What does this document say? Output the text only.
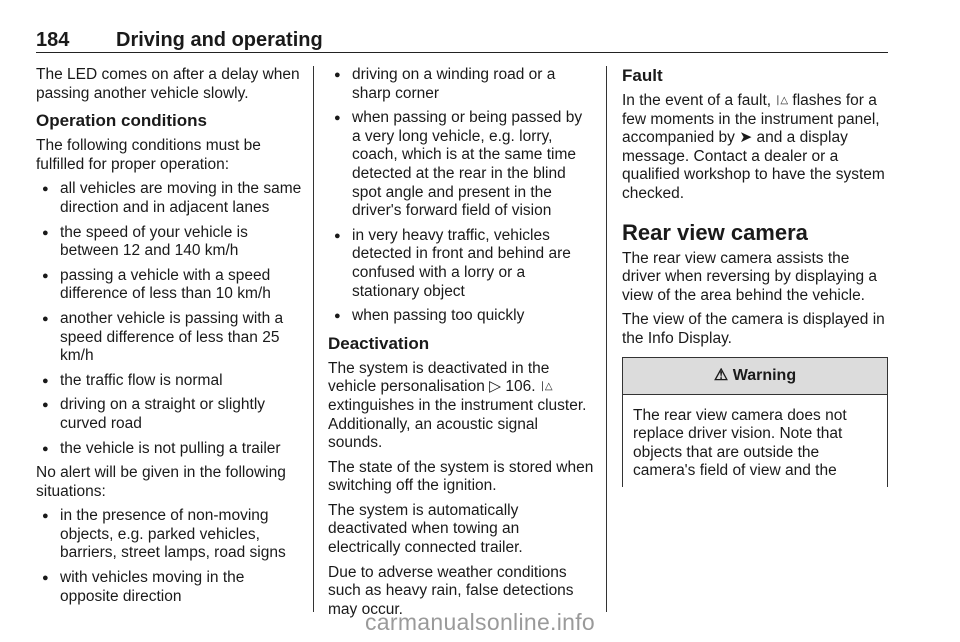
184 Driving and operating

The LED comes on after a delay when passing another vehicle slowly.

Operation conditions

The following conditions must be fulfilled for proper operation:

● all vehicles are moving in the same direction and in adjacent lanes
● the speed of your vehicle is between 12 and 140 km/h
● passing a vehicle with a speed difference of less than 10 km/h
● another vehicle is passing with a speed difference of less than 25 km/h
● the traffic flow is normal
● driving on a straight or slightly curved road
● the vehicle is not pulling a trailer

No alert will be given in the following situations:

● in the presence of non-moving objects, e.g. parked vehicles, barriers, street lamps, road signs
● with vehicles moving in the opposite direction
● driving on a winding road or a sharp corner
● when passing or being passed by a very long vehicle, e.g. lorry, coach, which is at the same time detected at the rear in the blind spot angle and present in the driver's forward field of vision
● in very heavy traffic, vehicles detected in front and behind are confused with a lorry or a stationary object
● when passing too quickly
Deactivation

The system is deactivated in the vehicle personalisation ▷ 106. ∣△ extinguishes in the instrument cluster. Additionally, an acoustic signal sounds.

The state of the system is stored when switching off the ignition.

The system is automatically deactivated when towing an electrically connected trailer.

Due to adverse weather conditions such as heavy rain, false detections may occur.

Fault

In the event of a fault, ∣△ flashes for a few moments in the instrument panel, accompanied by ➤ and a display message. Contact a dealer or a qualified workshop to have the system checked.

Rear view camera

The rear view camera assists the driver when reversing by displaying a view of the area behind the vehicle.

The view of the camera is displayed in the Info Display.

⚠ Warning
The rear view camera does not replace driver vision. Note that objects that are outside the camera's field of view and the
carmanualsonline.info
